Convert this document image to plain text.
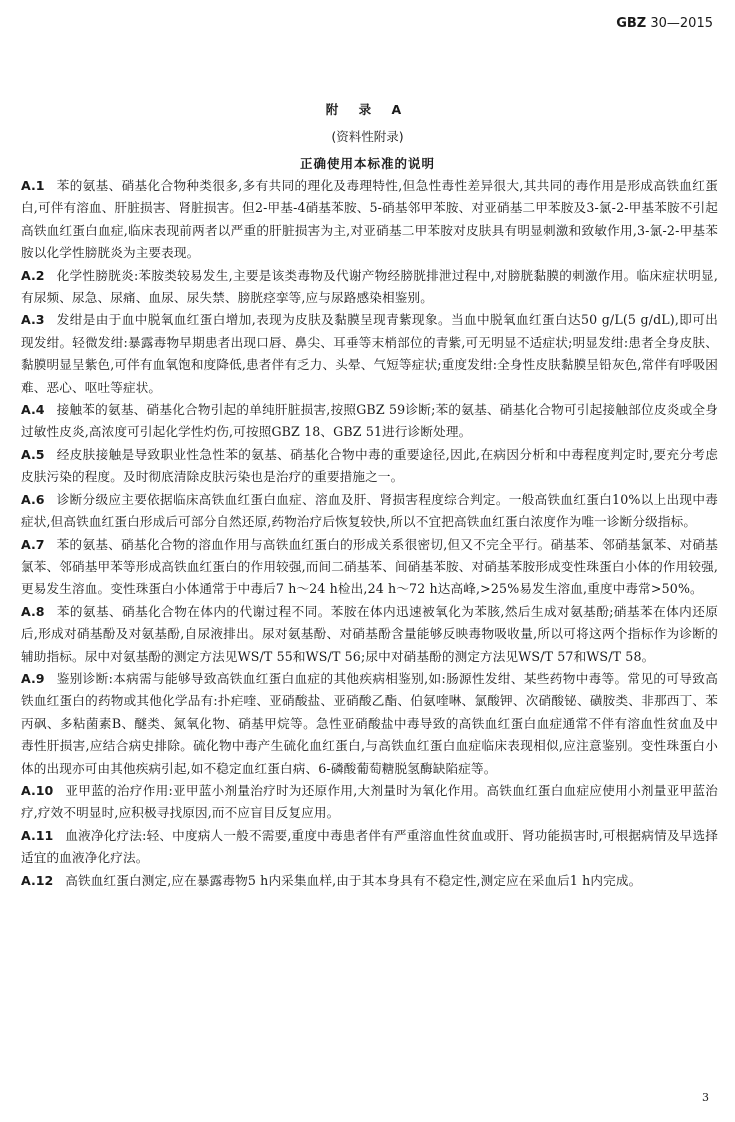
GBZ 30—2015
附 录 A
(资料性附录)
正确使用本标准的说明

A.1 苯的氨基、硝基化合物种类很多,多有共同的理化及毒理特性,但急性毒性差异很大,其共同的毒作用是形成高铁血红蛋白,可伴有溶血、肝脏损害、肾脏损害。但2-甲基-4硝基苯胺、5-硝基邻甲苯胺、对亚硝基二甲苯胺及3-氯-2-甲基苯胺不引起高铁血红蛋白血症,临床表现前两者以严重的肝脏损害为主,对亚硝基二甲苯胺对皮肤具有明显刺激和致敏作用,3-氯-2-甲基苯胺以化学性膀胱炎为主要表现。

A.2 化学性膀胱炎:苯胺类较易发生,主要是该类毒物及代谢产物经膀胱排泄过程中,对膀胱黏膜的刺激作用。临床症状明显,有尿频、尿急、尿痛、血尿、尿失禁、膀胱痉挛等,应与尿路感染相鉴别。

A.3 发绀是由于血中脱氧血红蛋白增加,表现为皮肤及黏膜呈现青紫现象。当血中脱氧血红蛋白达50 g/L(5 g/dL),即可出现发绀。轻微发绀:暴露毒物早期患者出现口唇、鼻尖、耳垂等末梢部位的青紫,可无明显不适症状;明显发绀:患者全身皮肤、黏膜明显呈紫色,可伴有血氧饱和度降低,患者伴有乏力、头晕、气短等症状;重度发绀:全身性皮肤黏膜呈铅灰色,常伴有呼吸困难、恶心、呕吐等症状。

A.4 接触苯的氨基、硝基化合物引起的单纯肝脏损害,按照GBZ 59诊断;苯的氨基、硝基化合物可引起接触部位皮炎或全身过敏性皮炎,高浓度可引起化学性灼伤,可按照GBZ 18、GBZ 51进行诊断处理。

A.5 经皮肤接触是导致职业性急性苯的氨基、硝基化合物中毒的重要途径,因此,在病因分析和中毒程度判定时,要充分考虑皮肤污染的程度。及时彻底清除皮肤污染也是治疗的重要措施之一。

A.6 诊断分级应主要依据临床高铁血红蛋白血症、溶血及肝、肾损害程度综合判定。一般高铁血红蛋白10%以上出现中毒症状,但高铁血红蛋白形成后可部分自然还原,药物治疗后恢复较快,所以不宜把高铁血红蛋白浓度作为唯一诊断分级指标。

A.7 苯的氨基、硝基化合物的溶血作用与高铁血红蛋白的形成关系很密切,但又不完全平行。硝基苯、邻硝基氯苯、对硝基氯苯、邻硝基甲苯等形成高铁血红蛋白的作用较强,而间二硝基苯、间硝基苯胺、对硝基苯胺形成变性珠蛋白小体的作用较强,更易发生溶血。变性珠蛋白小体通常于中毒后7 h～24 h检出,24 h～72 h达高峰,>25%易发生溶血,重度中毒常>50%。

A.8 苯的氨基、硝基化合物在体内的代谢过程不同。苯胺在体内迅速被氧化为苯胲,然后生成对氨基酚;硝基苯在体内还原后,形成对硝基酚及对氨基酚,自尿液排出。尿对氨基酚、对硝基酚含量能够反映毒物吸收量,所以可将这两个指标作为诊断的辅助指标。尿中对氨基酚的测定方法见WS/T 55和WS/T 56;尿中对硝基酚的测定方法见WS/T 57和WS/T 58。

A.9 鉴别诊断:本病需与能够导致高铁血红蛋白血症的其他疾病相鉴别,如:肠源性发绀、某些药物中毒等。常见的可导致高铁血红蛋白的药物或其他化学品有:扑疟喹、亚硝酸盐、亚硝酸乙酯、伯氨喹啉、氯酸钾、次硝酸铋、磺胺类、非那西丁、苯丙砜、多粘菌素B、醚类、氮氧化物、硝基甲烷等。急性亚硝酸盐中毒导致的高铁血红蛋白血症通常不伴有溶血性贫血及中毒性肝损害,应结合病史排除。硫化物中毒产生硫化血红蛋白,与高铁血红蛋白血症临床表现相似,应注意鉴别。变性珠蛋白小体的出现亦可由其他疾病引起,如不稳定血红蛋白病、6-磷酸葡萄糖脱氢酶缺陷症等。

A.10 亚甲蓝的治疗作用:亚甲蓝小剂量治疗时为还原作用,大剂量时为氧化作用。高铁血红蛋白血症应使用小剂量亚甲蓝治疗,疗效不明显时,应积极寻找原因,而不应盲目反复应用。

A.11 血液净化疗法:轻、中度病人一般不需要,重度中毒患者伴有严重溶血性贫血或肝、肾功能损害时,可根据病情及早选择适宜的血液净化疗法。

A.12 高铁血红蛋白测定,应在暴露毒物5 h内采集血样,由于其本身具有不稳定性,测定应在采血后1 h内完成。

3
